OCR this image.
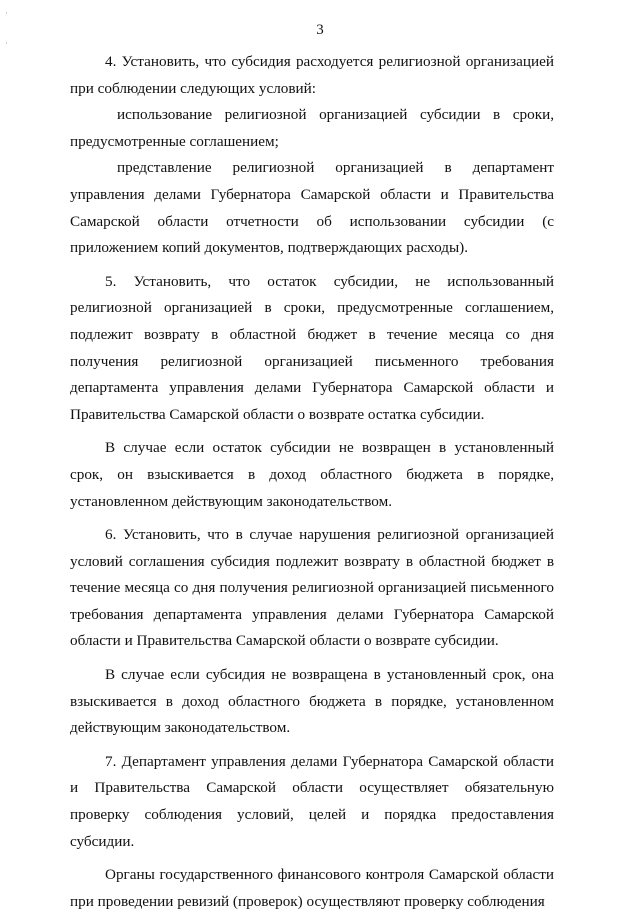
·
·
3

4. Установить, что субсидия расходуется религиозной организацией при соблюдении следующих условий:

использование религиозной организацией субсидии в сроки, предусмотренные соглашением;

представление религиозной организацией в департамент управления делами Губернатора Самарской области и Правительства Самарской области отчетности об использовании субсидии (с приложением копий документов, подтверждающих расходы).

5. Установить, что остаток субсидии, не использованный религиозной организацией в сроки, предусмотренные соглашением, подлежит возврату в областной бюджет в течение месяца со дня получения религиозной организацией письменного требования департамента управления делами Губернатора Самарской области и Правительства Самарской области о возврате остатка субсидии.

В случае если остаток субсидии не возвращен в установленный срок, он взыскивается в доход областного бюджета в порядке, установленном действующим законодательством.

6. Установить, что в случае нарушения религиозной организацией условий соглашения субсидия подлежит возврату в областной бюджет в течение месяца со дня получения религиозной организацией письменного требования департамента управления делами Губернатора Самарской области и Правительства Самарской области о возврате субсидии.

В случае если субсидия не возвращена в установленный срок, она взыскивается в доход областного бюджета в порядке, установленном действующим законодательством.

7. Департамент управления делами Губернатора Самарской области и Правительства Самарской области осуществляет обязательную проверку соблюдения условий, целей и порядка предоставления субсидии.

Органы государственного финансового контроля Самарской области при проведении ревизий (проверок) осуществляют проверку соблюдения
